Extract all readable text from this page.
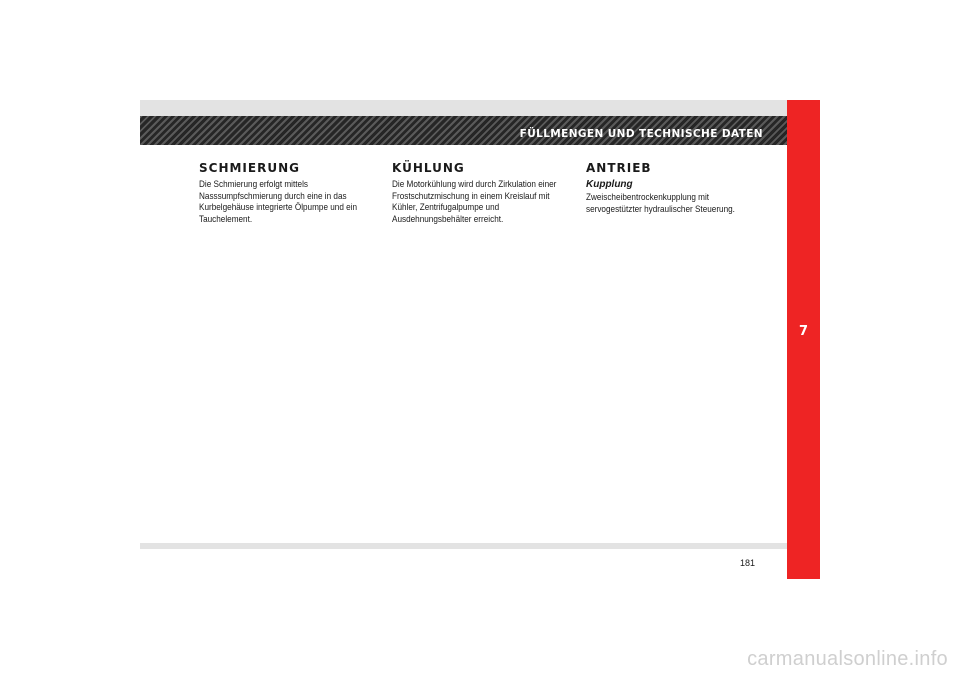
FÜLLMENGEN UND TECHNISCHE DATEN
7
SCHMIERUNG

Die Schmierung erfolgt mittels Nasssumpfschmierung durch eine in das Kurbelgehäuse integrierte Ölpumpe und ein Tauchelement.

KÜHLUNG

Die Motorkühlung wird durch Zirkulation einer Frostschutzmischung in einem Kreislauf mit Kühler, Zentrifugalpumpe und Ausdehnungsbehälter erreicht.

ANTRIEB
Kupplung

Zweischeibentrockenkupplung mit servogestützter hydraulischer Steuerung.

181
carmanualsonline.info
